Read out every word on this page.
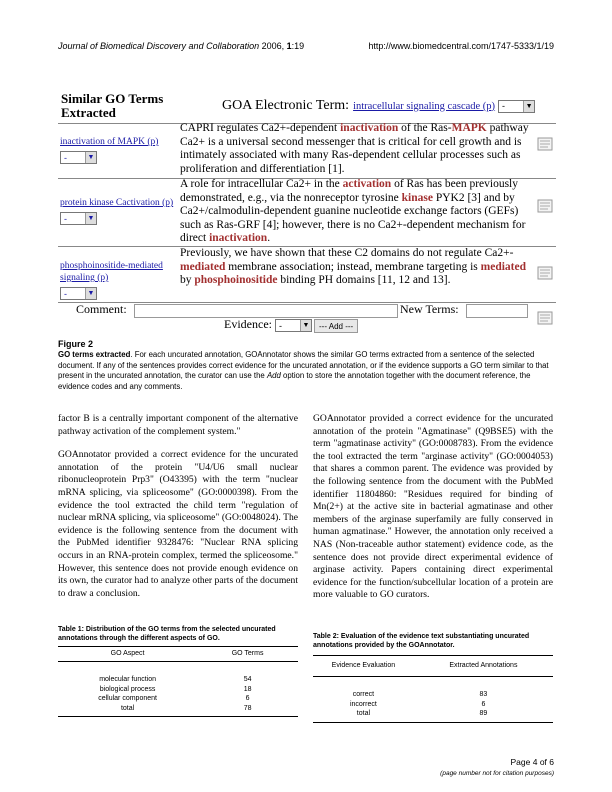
Journal of Biomedical Discovery and Collaboration 2006, 1:19	http://www.biomedcentral.com/1747-5333/1/19
Similar GO Terms Extracted	GOA Electronic Term: intracellular signaling cascade (p) -	▼
inactivation of MAPK (p)
-	▼
CAPRI regulates Ca2+-dependent inactivation of the Ras-MAPK pathway Ca2+ is a universal second messenger that is critical for cell growth and is intimately associated with many Ras-dependent cellular processes such as proliferation and differentiation [1].
protein kinase Cactivation (p)
-	▼
A role for intracellular Ca2+ in the activation of Ras has been previously demonstrated, e.g., via the nonreceptor tyrosine kinase PYK2 [3] and by Ca2+/calmodulin-dependent guanine nucleotide exchange factors (GEFs) such as Ras-GRF [4]; however, there is no Ca2+-dependent mechanism for direct inactivation.
phosphoinositide-mediated signaling (p)
-	▼
Previously, we have shown that these C2 domains do not regulate Ca2+-mediated membrane association; instead, membrane targeting is mediated by phosphoinositide binding PH domains [11, 12 and 13].
Comment:	New Terms:
Evidence: -	▼	--- Add ---
Figure 2
GO terms extracted. For each uncurated annotation, GOAnnotator shows the similar GO terms extracted from a sentence of the selected document. If any of the sentences provides correct evidence for the uncurated annotation, or if the evidence supports a GO term similar to that present in the uncurated annotation, the curator can use the Add option to store the annotation together with the document reference, the evidence codes and any comments.

factor B is a centrally important component of the alternative pathway activation of the complement system."

GOAnnotator provided a correct evidence for the uncurated annotation of the protein "U4/U6 small nuclear ribonucleoprotein Prp3" (O43395) with the term "nuclear mRNA splicing, via spliceosome" (GO:0000398). From the evidence the tool extracted the child term "regulation of nuclear mRNA splicing, via spliceosome" (GO:0048024). The evidence is the following sentence from the document with the PubMed identifier 9328476: "Nuclear RNA splicing occurs in an RNA-protein complex, termed the spliceosome." However, this sentence does not provide enough evidence on its own, the curator had to analyze other parts of the document to draw a conclusion.

GOAnnotator provided a correct evidence for the uncurated annotation of the protein "Agmatinase" (Q9BSE5) with the term "agmatinase activity" (GO:0008783). From the evidence the tool extracted the term "arginase activity" (GO:0004053) that shares a common parent. The evidence was provided by the following sentence from the document with the PubMed identifier 11804860: "Residues required for binding of Mn(2+) at the active site in bacterial agmatinase and other members of the arginase superfamily are fully conserved in human agmatinase." However, the annotation only received a NAS (Non-traceable author statement) evidence code, as the sentence does not provide direct experimental evidence of arginase activity. Papers containing direct experimental evidence for the function/subcellular location of a protein are more valuable to GO curators.

Table 1: Distribution of the GO terms from the selected uncurated annotations through the different aspects of GO.
GO Aspect	GO Terms
molecular function	54
biological process	18
cellular component	6
total	78
Table 2: Evaluation of the evidence text substantiating uncurated annotations provided by the GOAnnotator.
Evidence Evaluation	Extracted Annotations
correct	83
incorrect	6
total	89
Page 4 of 6
(page number not for citation purposes)
